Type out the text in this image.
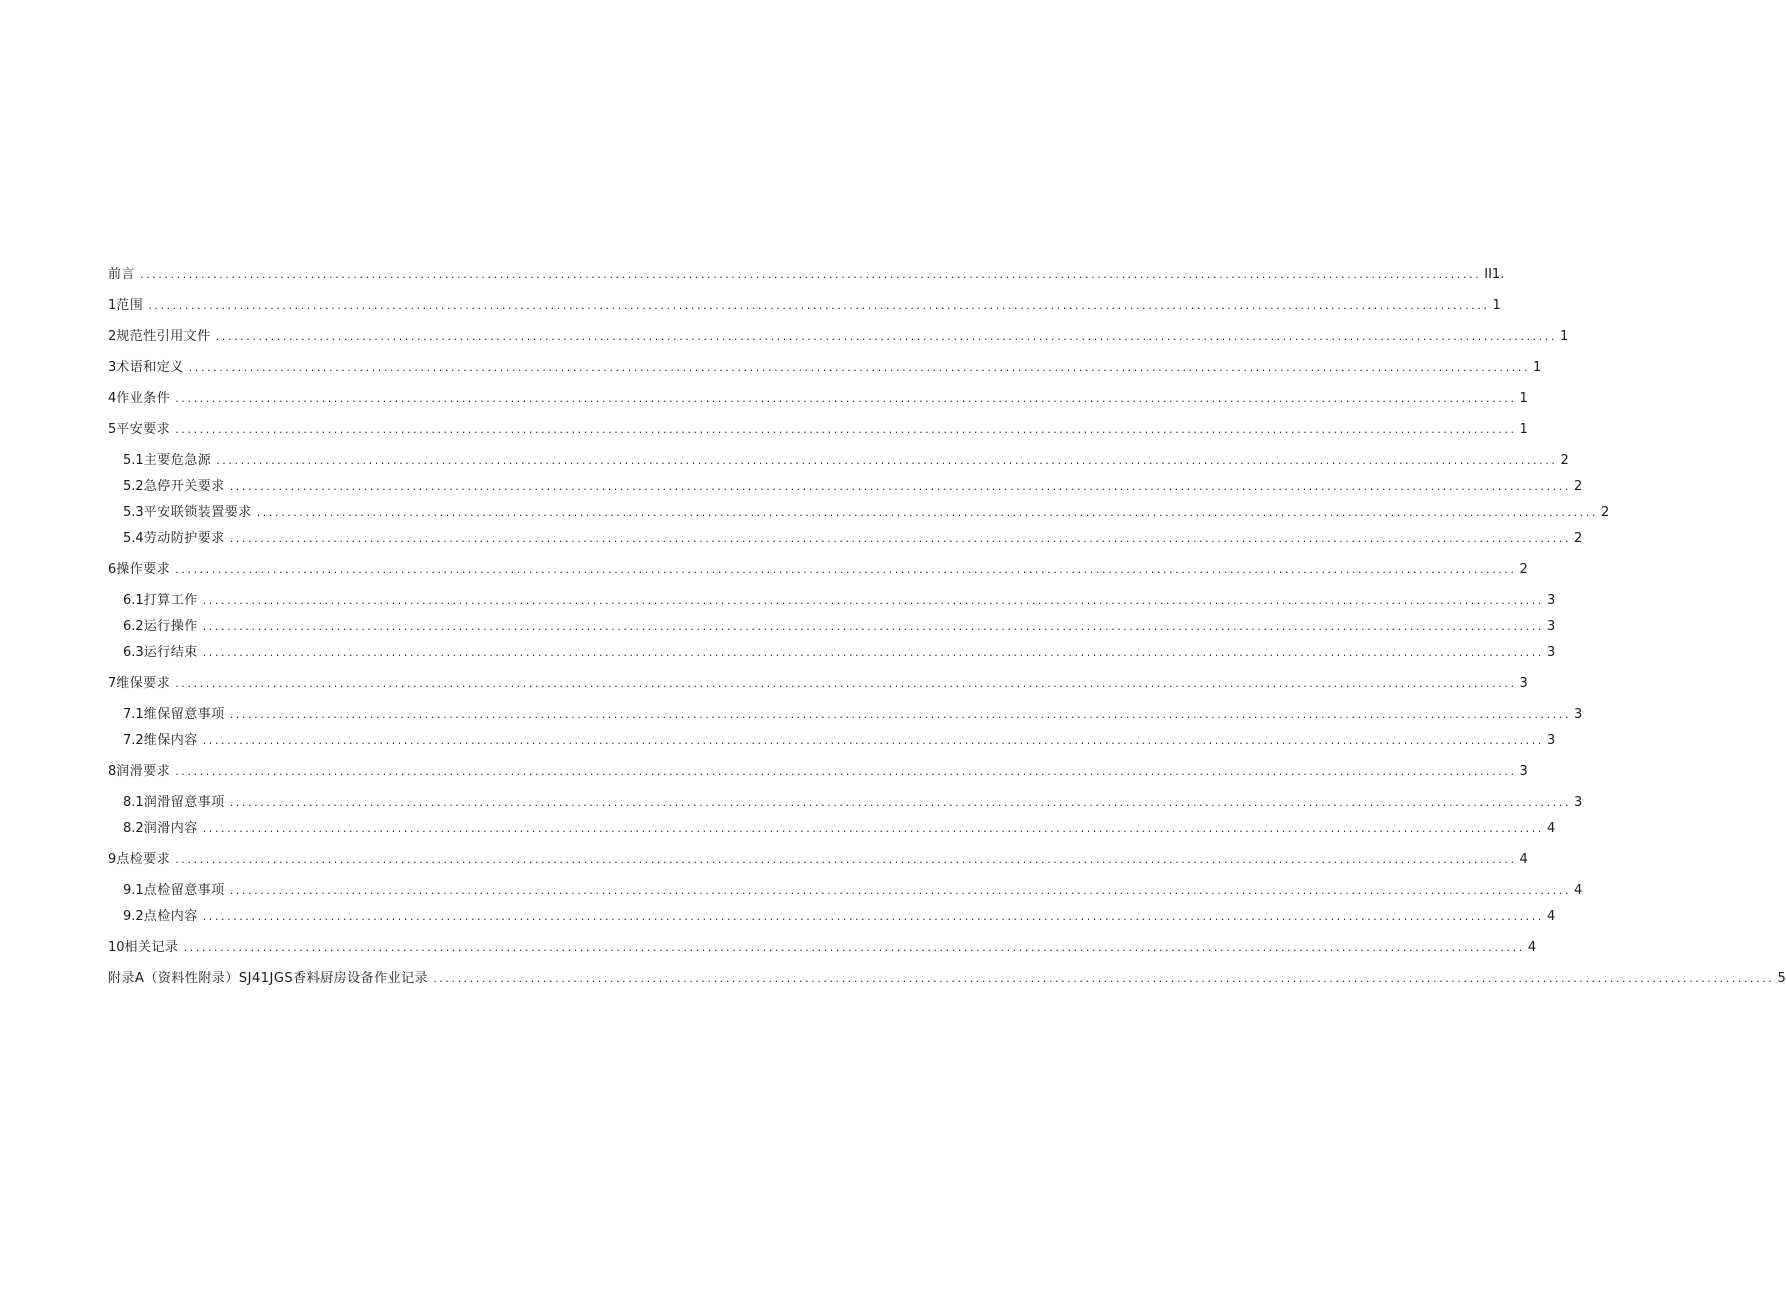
前言 ............................................................................................................................................................................................................................ II1.
1 范围 ............................................................................................................................................................................................................................ 1
2 规范性引用文件 ............................................................................................................................................................................................................................ 1
3 术语和定义 ............................................................................................................................................................................................................................ 1
4 作业条件 ............................................................................................................................................................................................................................ 1
5 平安要求 ............................................................................................................................................................................................................................ 1
5.1 主要危急源 ............................................................................................................................................................................................................................ 2
5.2 急停开关要求 ............................................................................................................................................................................................................................ 2
5.3 平安联锁装置要求 ............................................................................................................................................................................................................................ 2
5.4 劳动防护要求 ............................................................................................................................................................................................................................ 2
6 操作要求 ............................................................................................................................................................................................................................ 2
6.1 打算工作 ............................................................................................................................................................................................................................ 3
6.2 运行操作 ............................................................................................................................................................................................................................ 3
6.3 运行结束 ............................................................................................................................................................................................................................ 3
7 维保要求 ............................................................................................................................................................................................................................ 3
7.1 维保留意事项 ............................................................................................................................................................................................................................ 3
7.2 维保内容 ............................................................................................................................................................................................................................ 3
8 润滑要求 ............................................................................................................................................................................................................................ 3
8.1 润滑留意事项 ............................................................................................................................................................................................................................ 3
8.2 润滑内容 ............................................................................................................................................................................................................................ 4
9 点检要求 ............................................................................................................................................................................................................................ 4
9.1 点检留意事项 ............................................................................................................................................................................................................................ 4
9.2 点检内容 ............................................................................................................................................................................................................................ 4
10 相关记录 ............................................................................................................................................................................................................................ 4
附录A（资料性附录）SJ41JGS香料厨房设备作业记录 ............................................................................................................................................................................................................................ 5
